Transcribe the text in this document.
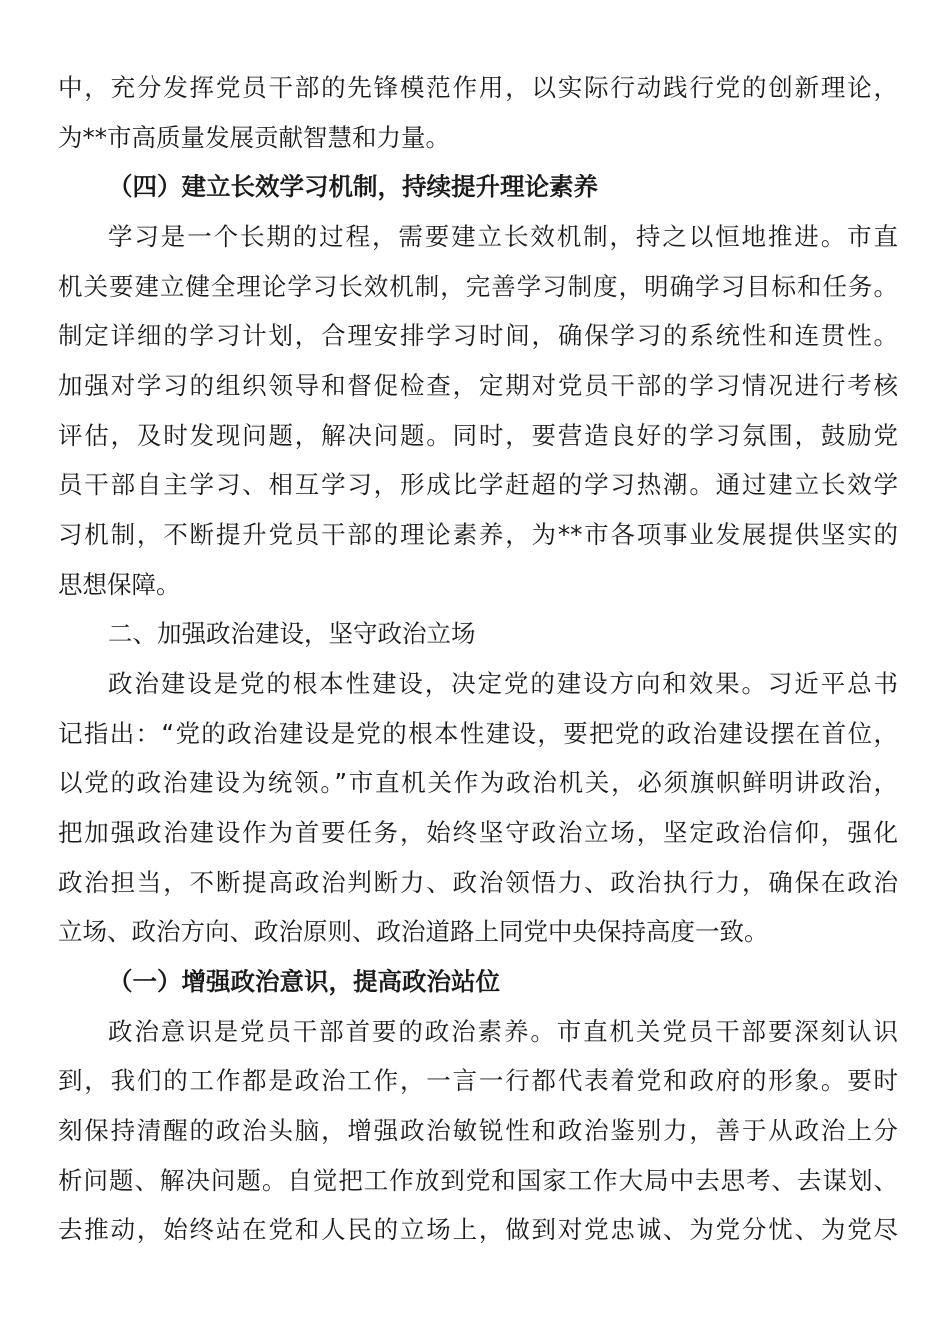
中，充分发挥党员干部的先锋模范作用，以实际行动践行党的创新理论，
为**市高质量发展贡献智慧和力量。
（四）建立长效学习机制，持续提升理论素养
学习是一个长期的过程，需要建立长效机制，持之以恒地推进。市直
机关要建立健全理论学习长效机制，完善学习制度，明确学习目标和任务。
制定详细的学习计划，合理安排学习时间，确保学习的系统性和连贯性。
加强对学习的组织领导和督促检查，定期对党员干部的学习情况进行考核
评估，及时发现问题，解决问题。同时，要营造良好的学习氛围，鼓励党
员干部自主学习、相互学习，形成比学赶超的学习热潮。通过建立长效学
习机制，不断提升党员干部的理论素养，为**市各项事业发展提供坚实的
思想保障。
二、加强政治建设，坚守政治立场
政治建设是党的根本性建设，决定党的建设方向和效果。习近平总书
记指出：“党的政治建设是党的根本性建设，要把党的政治建设摆在首位，
以党的政治建设为统领。”市直机关作为政治机关，必须旗帜鲜明讲政治，
把加强政治建设作为首要任务，始终坚守政治立场，坚定政治信仰，强化
政治担当，不断提高政治判断力、政治领悟力、政治执行力，确保在政治
立场、政治方向、政治原则、政治道路上同党中央保持高度一致。
（一）增强政治意识，提高政治站位
政治意识是党员干部首要的政治素养。市直机关党员干部要深刻认识
到，我们的工作都是政治工作，一言一行都代表着党和政府的形象。要时
刻保持清醒的政治头脑，增强政治敏锐性和政治鉴别力，善于从政治上分
析问题、解决问题。自觉把工作放到党和国家工作大局中去思考、去谋划、
去推动，始终站在党和人民的立场上，做到对党忠诚、为党分忧、为党尽
